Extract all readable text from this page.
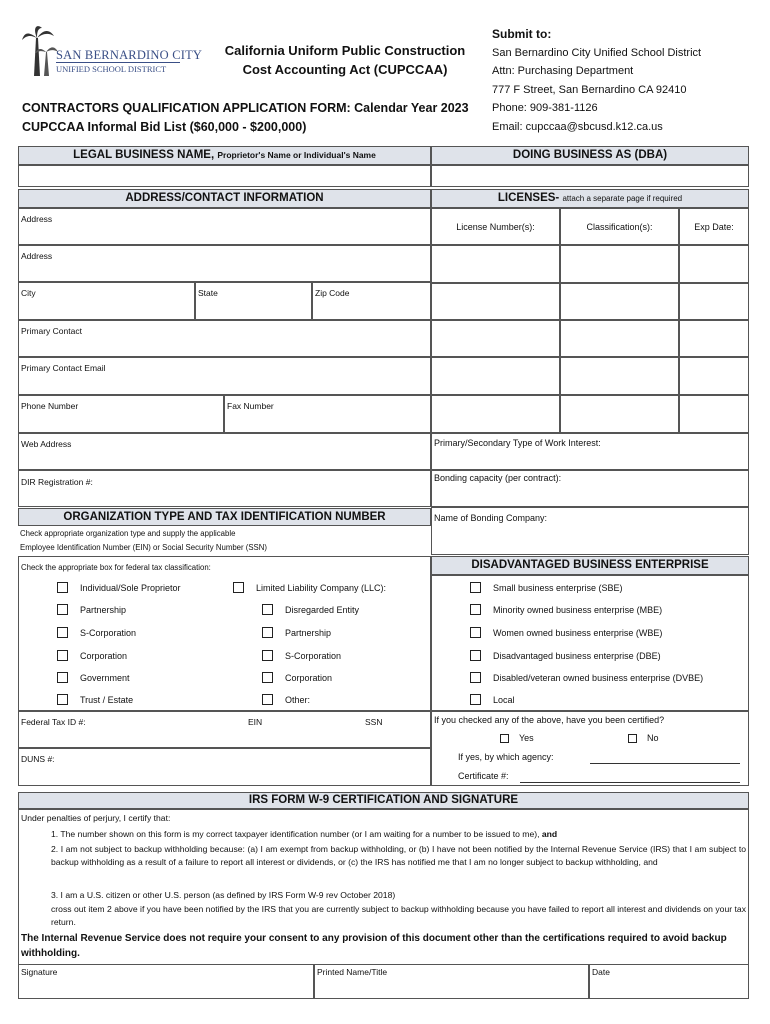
SAN BERNARDINO CITY
UNIFIED SCHOOL DISTRICT
California Uniform Public Construction
Cost Accounting Act (CUPCCAA)
CONTRACTORS QUALIFICATION APPLICATION FORM: Calendar Year 2023
CUPCCAA Informal Bid List ($60,000 - $200,000)
Submit to:
San Bernardino City Unified School District
Attn: Purchasing Department
777 F Street, San Bernardino CA 92410
Phone: 909-381-1126
Email: cupccaa@sbcusd.k12.ca.us
LEGAL BUSINESS NAME, Proprietor's Name or Individual's Name	DOING BUSINESS AS (DBA)
ADDRESS/CONTACT INFORMATION	LICENSES- attach a separate page if required
Address
Address
City	State	Zip Code
Primary Contact
Primary Contact Email
Phone Number	Fax Number
Web Address
DIR Registration #:
License Number(s):	Classification(s):	Exp Date:
Primary/Secondary Type of Work Interest:
Bonding capacity (per contract):
Name of Bonding Company:
ORGANIZATION TYPE AND TAX IDENTIFICATION NUMBER
Check appropriate organization type and supply the applicable
Employee Identification Number (EIN) or Social Security Number (SSN)
Check the appropriate box for federal tax classification:
Individual/Sole Proprietor
Partnership
S-Corporation
Corporation
Government
Trust / Estate
Limited Liability Company (LLC):
Disregarded Entity
Partnership
S-Corporation
Corporation
Other:
Federal Tax ID #:	EIN	SSN
DUNS #:
DISADVANTAGED BUSINESS ENTERPRISE
Small business enterprise (SBE)
Minority owned business enterprise (MBE)
Women owned business enterprise (WBE)
Disadvantaged business enterprise (DBE)
Disabled/veteran owned business enterprise (DVBE)
Local
If you checked any of the above, have you been certified?
Yes	No
If yes, by which agency:
Certificate #:
IRS FORM W-9 CERTIFICATION AND SIGNATURE
Under penalties of perjury, I certify that:
1. The number shown on this form is my correct taxpayer identification number (or I am waiting for a number to be issued to me), and
2. I am not subject to backup withholding because: (a) I am exempt from backup withholding, or (b) I have not been notified by the Internal Revenue Service (IRS) that I am subject to backup withholding as a result of a failure to report all interest or dividends, or (c) the IRS has notified me that I am no longer subject to backup withholding, and
3. I am a U.S. citizen or other U.S. person (as defined by IRS Form W-9 rev October 2018)
cross out item 2 above if you have been notified by the IRS that you are currently subject to backup withholding because you have failed to report all interest and dividends on your tax return.
The Internal Revenue Service does not require your consent to any provision of this document other than the certifications required to avoid backup withholding.
Signature	Printed Name/Title	Date
